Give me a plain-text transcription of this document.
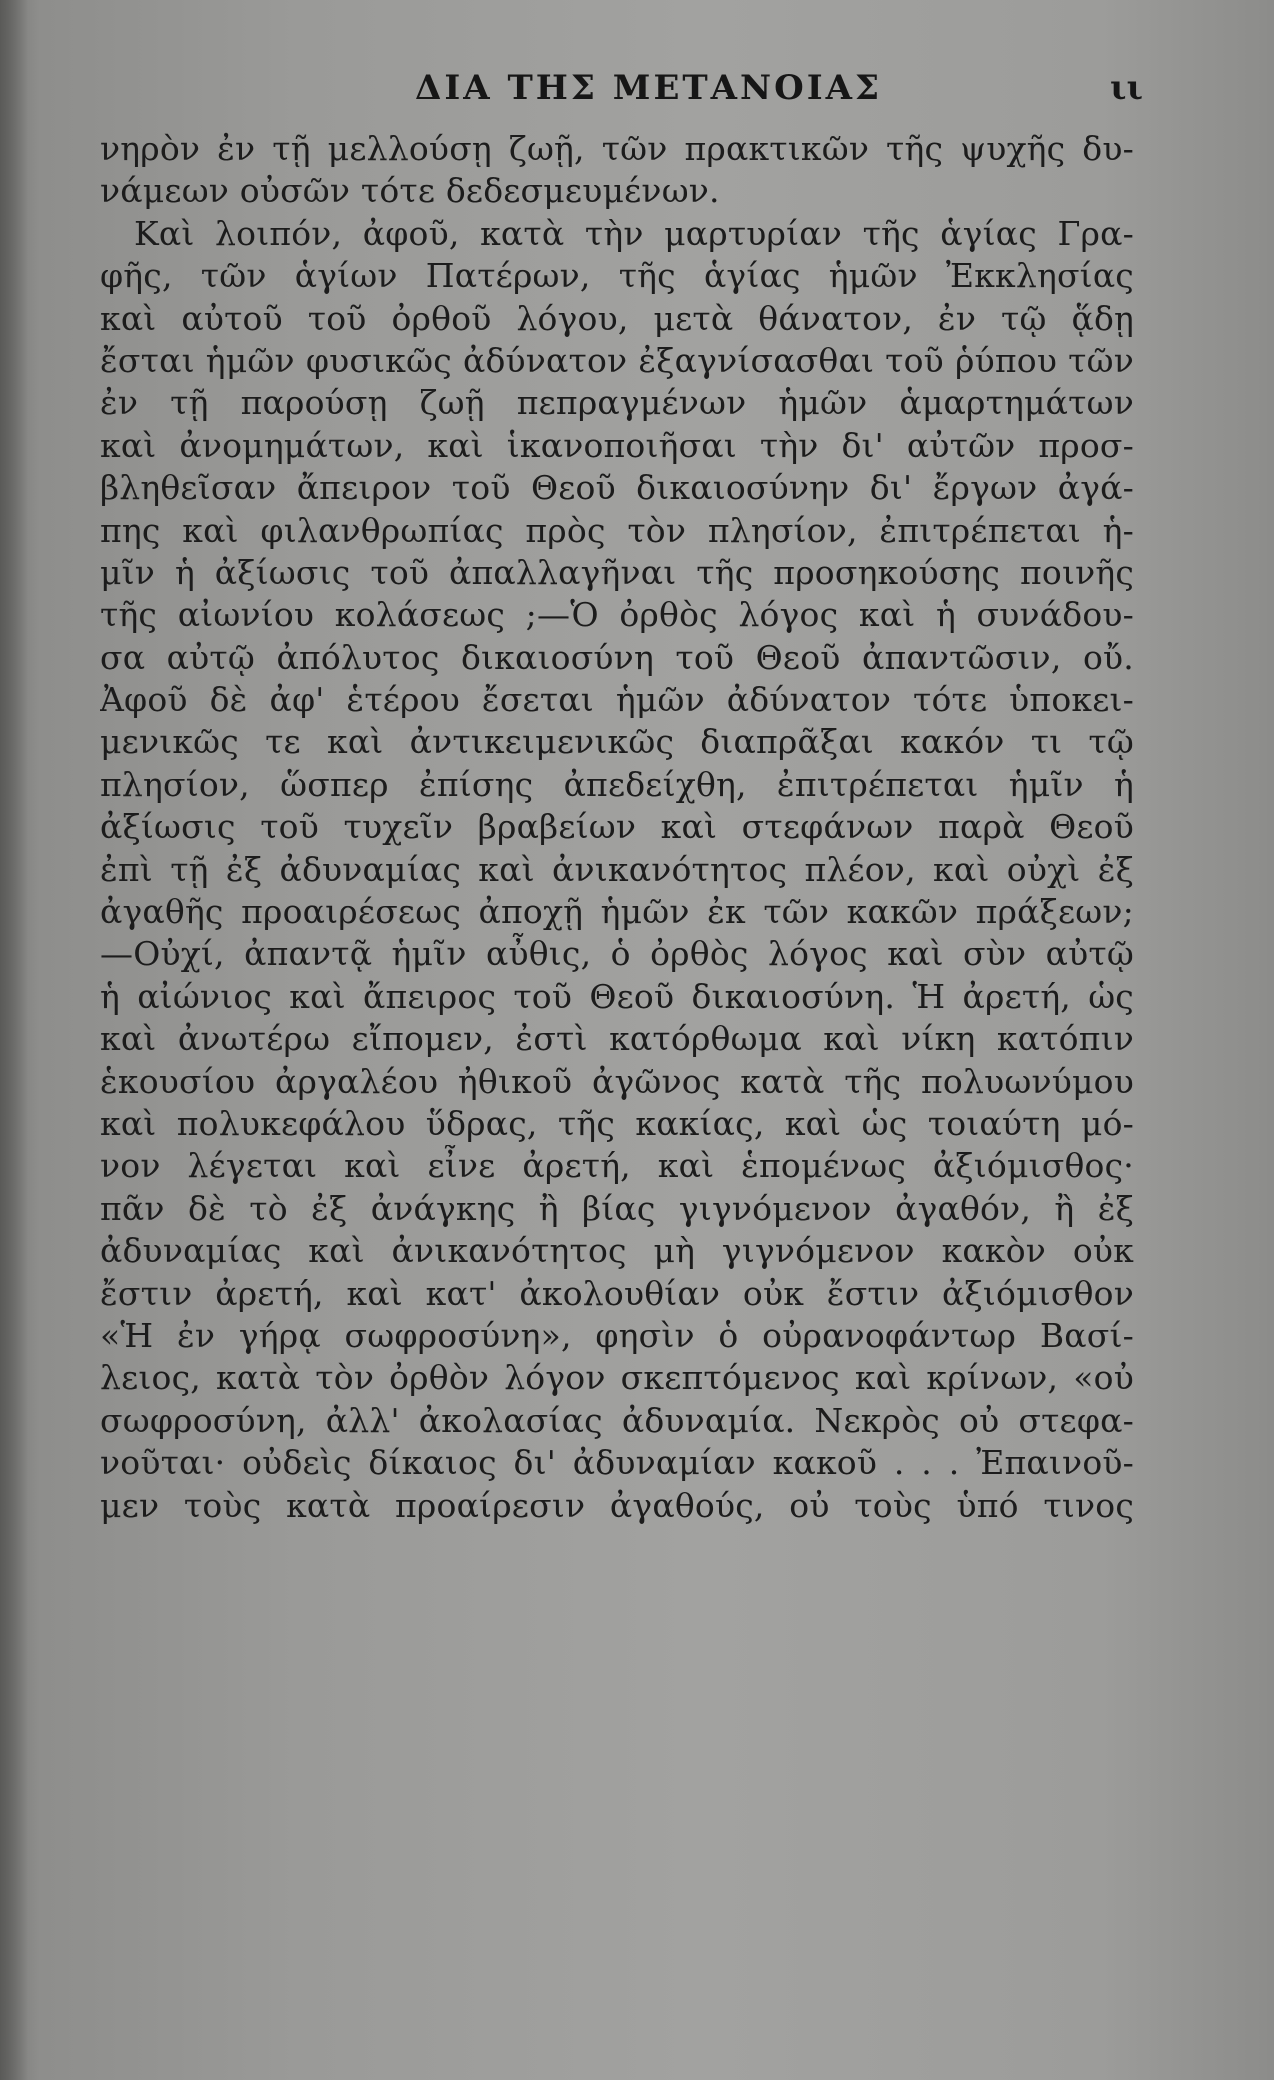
ΔΙΑ ΤΗΣ ΜΕΤΑΝΟΙΑΣ	ιι
νηρὸν ἐν τῇ μελλούσῃ ζωῇ, τῶν πρακτικῶν τῆς ψυχῆς δυ-
νάμεων οὐσῶν τότε δεδεσμευμένων.
Καὶ λοιπόν, ἀφοῦ, κατὰ τὴν μαρτυρίαν τῆς ἁγίας Γρα-
φῆς, τῶν ἁγίων Πατέρων, τῆς ἁγίας ἡμῶν Ἐκκλησίας
καὶ αὐτοῦ τοῦ ὀρθοῦ λόγου, μετὰ θάνατον, ἐν τῷ ᾅδῃ
ἔσται ἡμῶν φυσικῶς ἀδύνατον ἐξαγνίσασθαι τοῦ ῥύπου τῶν
ἐν τῇ παρούσῃ ζωῇ πεπραγμένων ἡμῶν ἁμαρτημάτων
καὶ ἀνομημάτων, καὶ ἱκανοποιῆσαι τὴν δι' αὐτῶν προσ-
βληθεῖσαν ἄπειρον τοῦ Θεοῦ δικαιοσύνην δι' ἔργων ἀγά-
πης καὶ φιλανθρωπίας πρὸς τὸν πλησίον, ἐπιτρέπεται ἡ-
μῖν ἡ ἀξίωσις τοῦ ἀπαλλαγῆναι τῆς προσηκούσης ποινῆς
τῆς αἰωνίου κολάσεως ;—Ὁ ὀρθὸς λόγος καὶ ἡ συνάδου-
σα αὐτῷ ἀπόλυτος δικαιοσύνη τοῦ Θεοῦ ἀπαντῶσιν, οὔ.
Ἀφοῦ δὲ ἀφ' ἑτέρου ἔσεται ἡμῶν ἀδύνατον τότε ὑποκει-
μενικῶς τε καὶ ἀντικειμενικῶς διαπρᾶξαι κακόν τι τῷ
πλησίον, ὥσπερ ἐπίσης ἀπεδείχθη, ἐπιτρέπεται ἡμῖν ἡ
ἀξίωσις τοῦ τυχεῖν βραβείων καὶ στεφάνων παρὰ Θεοῦ
ἐπὶ τῇ ἐξ ἀδυναμίας καὶ ἀνικανότητος πλέον, καὶ οὐχὶ ἐξ
ἀγαθῆς προαιρέσεως ἀποχῇ ἡμῶν ἐκ τῶν κακῶν πράξεων;
—Οὐχί, ἀπαντᾷ ἡμῖν αὖθις, ὁ ὀρθὸς λόγος καὶ σὺν αὐτῷ
ἡ αἰώνιος καὶ ἄπειρος τοῦ Θεοῦ δικαιοσύνη. Ἡ ἀρετή, ὡς
καὶ ἀνωτέρω εἴπομεν, ἐστὶ κατόρθωμα καὶ νίκη κατόπιν
ἑκουσίου ἀργαλέου ἠθικοῦ ἀγῶνος κατὰ τῆς πολυωνύμου
καὶ πολυκεφάλου ὕδρας, τῆς κακίας, καὶ ὡς τοιαύτη μό-
νον λέγεται καὶ εἶνε ἀρετή, καὶ ἑπομένως ἀξιόμισθος·
πᾶν δὲ τὸ ἐξ ἀνάγκης ἢ βίας γιγνόμενον ἀγαθόν, ἢ ἐξ
ἀδυναμίας καὶ ἀνικανότητος μὴ γιγνόμενον κακὸν οὐκ
ἔστιν ἀρετή, καὶ κατ' ἀκολουθίαν οὐκ ἔστιν ἀξιόμισθον
«Ἡ ἐν γήρᾳ σωφροσύνη», φησὶν ὁ οὐρανοφάντωρ Βασί-
λειος, κατὰ τὸν ὀρθὸν λόγον σκεπτόμενος καὶ κρίνων, «οὐ
σωφροσύνη, ἀλλ' ἀκολασίας ἀδυναμία. Νεκρὸς οὐ στεφα-
νοῦται· οὐδεὶς δίκαιος δι' ἀδυναμίαν κακοῦ . . . Ἐπαινοῦ-
μεν τοὺς κατὰ προαίρεσιν ἀγαθούς, οὐ τοὺς ὑπό τινος
